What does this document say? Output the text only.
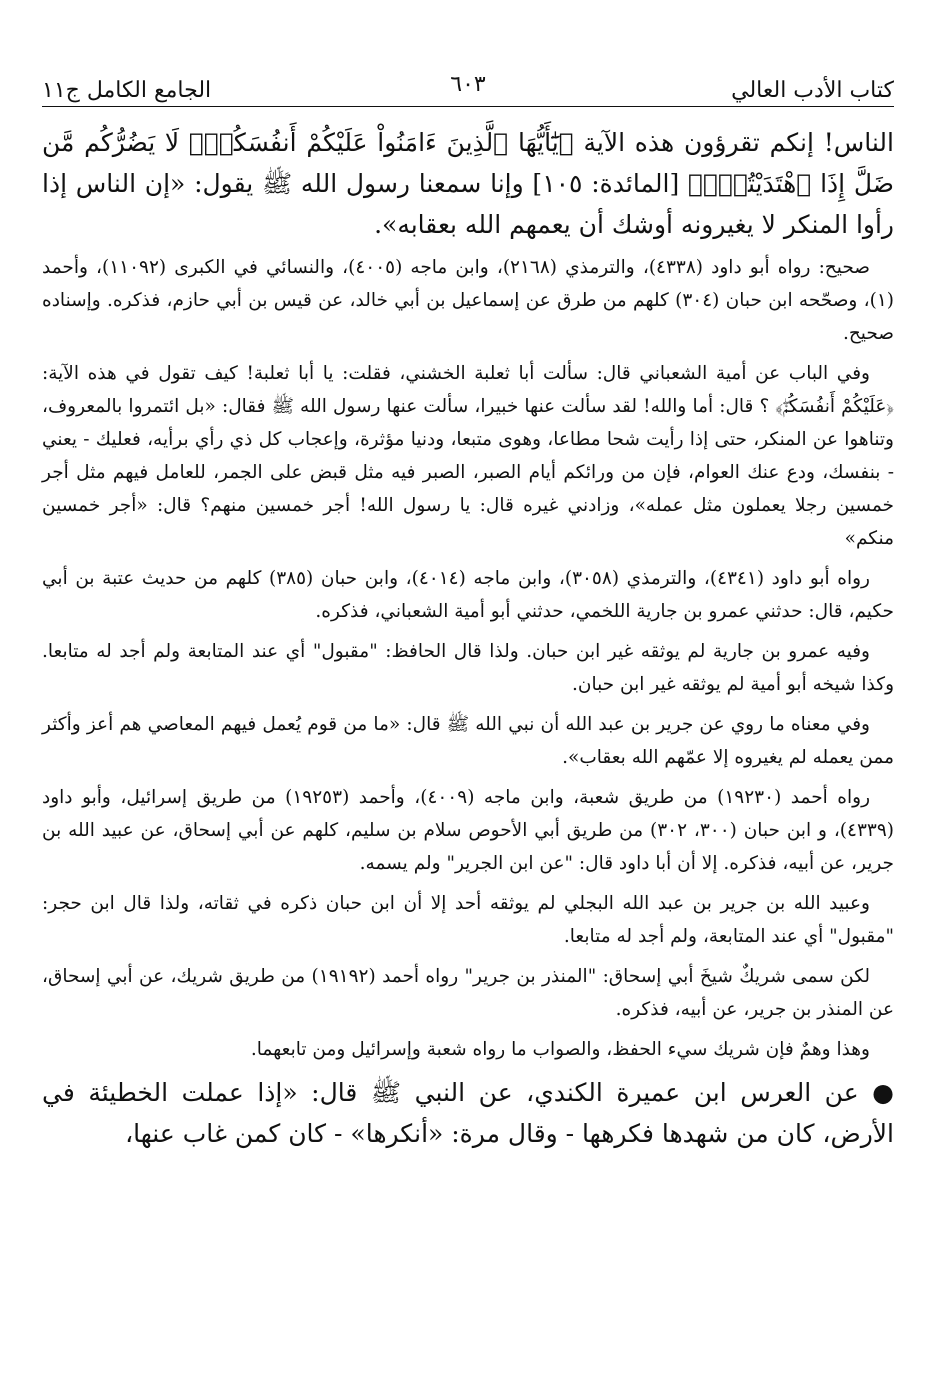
كتاب الأدب العالي
٦٠٣
الجامع الكامل ج١١

الناس! إنكم تقرؤون هذه الآية ﴿يَٰٓأَيُّهَا ٱلَّذِينَ ءَامَنُواْ عَلَيْكُمْ أَنفُسَكُمْۖ لَا يَضُرُّكُم مَّن ضَلَّ إِذَا ٱهْتَدَيْتُمْۚ﴾ [المائدة: ١٠٥] وإنا سمعنا رسول الله ﷺ يقول: «إن الناس إذا رأوا المنكر لا يغيرونه أوشك أن يعمهم الله بعقابه».

صحيح: رواه أبو داود (٤٣٣٨)، والترمذي (٢١٦٨)، وابن ماجه (٤٠٠٥)، والنسائي في الكبرى (١١٠٩٢)، وأحمد (١)، وصحّحه ابن حبان (٣٠٤) كلهم من طرق عن إسماعيل بن أبي خالد، عن قيس بن أبي حازم، فذكره. وإسناده صحيح.

وفي الباب عن أمية الشعباني قال: سألت أبا ثعلبة الخشني، فقلت: يا أبا ثعلبة! كيف تقول في هذه الآية: ﴿عَلَيْكُمْ أَنفُسَكُمْۖ﴾ ؟ قال: أما والله! لقد سألت عنها خبيرا، سألت عنها رسول الله ﷺ فقال: «بل ائتمروا بالمعروف، وتناهوا عن المنكر، حتى إذا رأيت شحا مطاعا، وهوى متبعا، ودنيا مؤثرة، وإعجاب كل ذي رأي برأيه، فعليك - يعني - بنفسك، ودع عنك العوام، فإن من ورائكم أيام الصبر، الصبر فيه مثل قبض على الجمر، للعامل فيهم مثل أجر خمسين رجلا يعملون مثل عمله»، وزادني غيره قال: يا رسول الله! أجر خمسين منهم؟ قال: «أجر خمسين منكم»

رواه أبو داود (٤٣٤١)، والترمذي (٣٠٥٨)، وابن ماجه (٤٠١٤)، وابن حبان (٣٨٥) كلهم من حديث عتبة بن أبي حكيم، قال: حدثني عمرو بن جارية اللخمي، حدثني أبو أمية الشعباني، فذكره.

وفيه عمرو بن جارية لم يوثقه غير ابن حبان. ولذا قال الحافظ: "مقبول" أي عند المتابعة ولم أجد له متابعا. وكذا شيخه أبو أمية لم يوثقه غير ابن حبان.

وفي معناه ما روي عن جرير بن عبد الله أن نبي الله ﷺ قال: «ما من قوم يُعمل فيهم المعاصي هم أعز وأكثر ممن يعمله لم يغيروه إلا عمّهم الله بعقاب».

رواه أحمد (١٩٢٣٠) من طريق شعبة، وابن ماجه (٤٠٠٩)، وأحمد (١٩٢٥٣) من طريق إسرائيل، وأبو داود (٤٣٣٩)، و ابن حبان (٣٠٠، ٣٠٢) من طريق أبي الأحوص سلام بن سليم، كلهم عن أبي إسحاق، عن عبيد الله بن جرير، عن أبيه، فذكره. إلا أن أبا داود قال: "عن ابن الجرير" ولم يسمه.

وعبيد الله بن جرير بن عبد الله البجلي لم يوثقه أحد إلا أن ابن حبان ذكره في ثقاته، ولذا قال ابن حجر: "مقبول" أي عند المتابعة، ولم أجد له متابعا.

لكن سمى شريكٌ شيخَ أبي إسحاق: "المنذر بن جرير" رواه أحمد (١٩١٩٢) من طريق شريك، عن أبي إسحاق، عن المنذر بن جرير، عن أبيه، فذكره.

وهذا وهمٌ فإن شريك سيء الحفظ، والصواب ما رواه شعبة وإسرائيل ومن تابعهما.

● عن العرس ابن عميرة الكندي، عن النبي ﷺ قال: «إذا عملت الخطيئة في الأرض، كان من شهدها فكرهها - وقال مرة: «أنكرها» - كان كمن غاب عنها،
